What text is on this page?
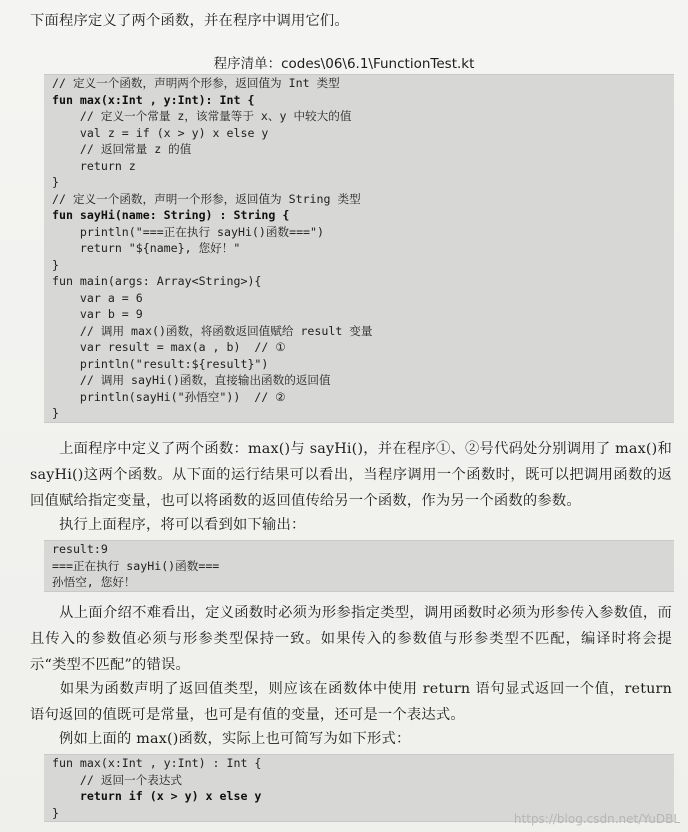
下面程序定义了两个函数，并在程序中调用它们。
程序清单：codes\06\6.1\FunctionTest.kt
// 定义一个函数，声明两个形参，返回值为 Int 类型
fun max(x:Int , y:Int): Int {
// 定义一个常量 z，该常量等于 x、y 中较大的值
val z = if (x > y) x else y
// 返回常量 z 的值
return z
}
// 定义一个函数，声明一个形参，返回值为 String 类型
fun sayHi(name: String) : String {
println("===正在执行 sayHi()函数===")
return "${name}, 您好！"
}
fun main(args: Array<String>){
var a = 6
var b = 9
// 调用 max()函数，将函数返回值赋给 result 变量
var result = max(a , b)  // ①
println("result:${result}")
// 调用 sayHi()函数，直接输出函数的返回值
println(sayHi("孙悟空"))  // ②
}
　　上面程序中定义了两个函数：max()与 sayHi()，并在程序①、②号代码处分别调用了 max()和 sayHi()这两个函数。从下面的运行结果可以看出，当程序调用一个函数时，既可以把调用函数的返回值赋给指定变量，也可以将函数的返回值传给另一个函数，作为另一个函数的参数。
　　执行上面程序，将可以看到如下输出：
result:9
===正在执行 sayHi()函数===
孙悟空, 您好！
　　从上面介绍不难看出，定义函数时必须为形参指定类型，调用函数时必须为形参传入参数值，而且传入的参数值必须与形参类型保持一致。如果传入的参数值与形参类型不匹配，编译时将会提示“类型不匹配”的错误。
　　如果为函数声明了返回值类型，则应该在函数体中使用 return 语句显式返回一个值，return 语句返回的值既可是常量，也可是有值的变量，还可是一个表达式。
　　例如上面的 max()函数，实际上也可简写为如下形式：
fun max(x:Int , y:Int) : Int {
// 返回一个表达式
return if (x > y) x else y
}	https://blog.csdn.net/YuDBL
